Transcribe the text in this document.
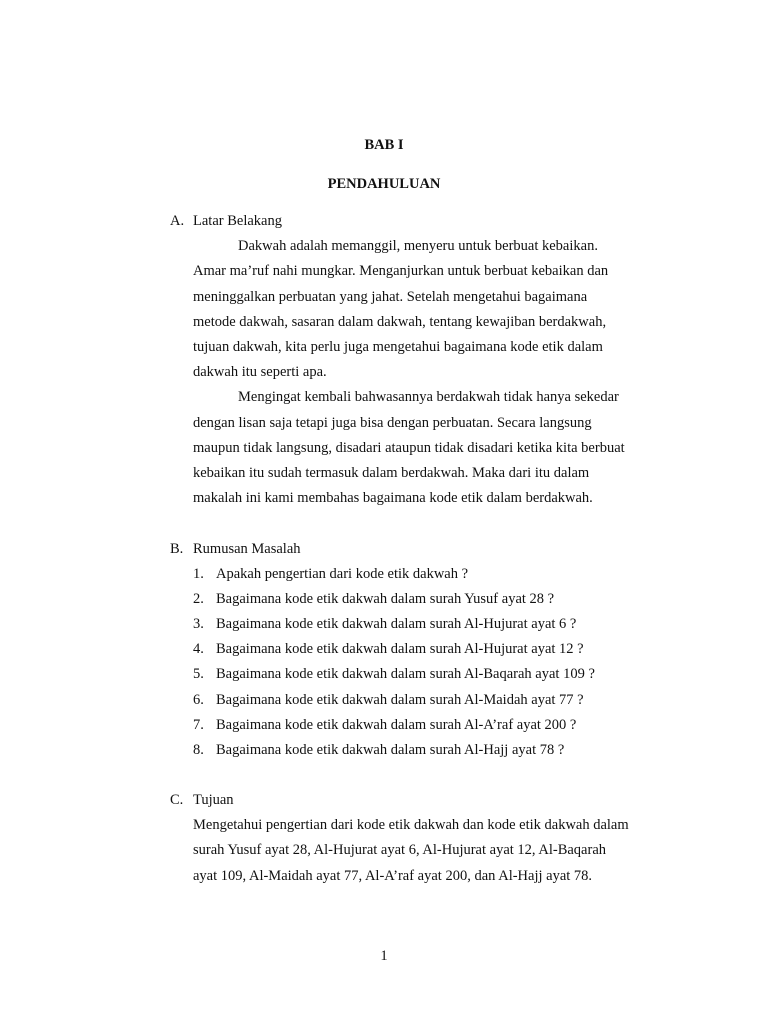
BAB I
PENDAHULUAN
A. Latar Belakang
Dakwah adalah memanggil, menyeru untuk berbuat kebaikan.
Amar ma’ruf nahi mungkar. Menganjurkan untuk berbuat kebaikan dan
meninggalkan perbuatan yang jahat. Setelah mengetahui bagaimana
metode dakwah, sasaran dalam dakwah, tentang kewajiban berdakwah,
tujuan dakwah, kita perlu juga mengetahui bagaimana kode etik dalam
dakwah itu seperti apa.
Mengingat kembali bahwasannya berdakwah tidak hanya sekedar
dengan lisan saja tetapi juga bisa dengan perbuatan. Secara langsung
maupun tidak langsung, disadari ataupun tidak disadari ketika kita berbuat
kebaikan itu sudah termasuk dalam berdakwah. Maka dari itu dalam
makalah ini kami membahas bagaimana kode etik dalam berdakwah.
B. Rumusan Masalah
1. Apakah pengertian dari kode etik dakwah ?
2. Bagaimana kode etik dakwah dalam surah Yusuf ayat 28 ?
3. Bagaimana kode etik dakwah dalam surah Al-Hujurat ayat 6 ?
4. Bagaimana kode etik dakwah dalam surah Al-Hujurat ayat 12 ?
5. Bagaimana kode etik dakwah dalam surah Al-Baqarah ayat 109 ?
6. Bagaimana kode etik dakwah dalam surah Al-Maidah ayat 77 ?
7. Bagaimana kode etik dakwah dalam surah Al-A’raf ayat 200 ?
8. Bagaimana kode etik dakwah dalam surah Al-Hajj ayat 78 ?
C. Tujuan
Mengetahui pengertian dari kode etik dakwah dan kode etik dakwah dalam
surah Yusuf ayat 28, Al-Hujurat ayat 6, Al-Hujurat ayat 12, Al-Baqarah
ayat 109, Al-Maidah ayat 77, Al-A’raf ayat 200, dan Al-Hajj ayat 78.
1
